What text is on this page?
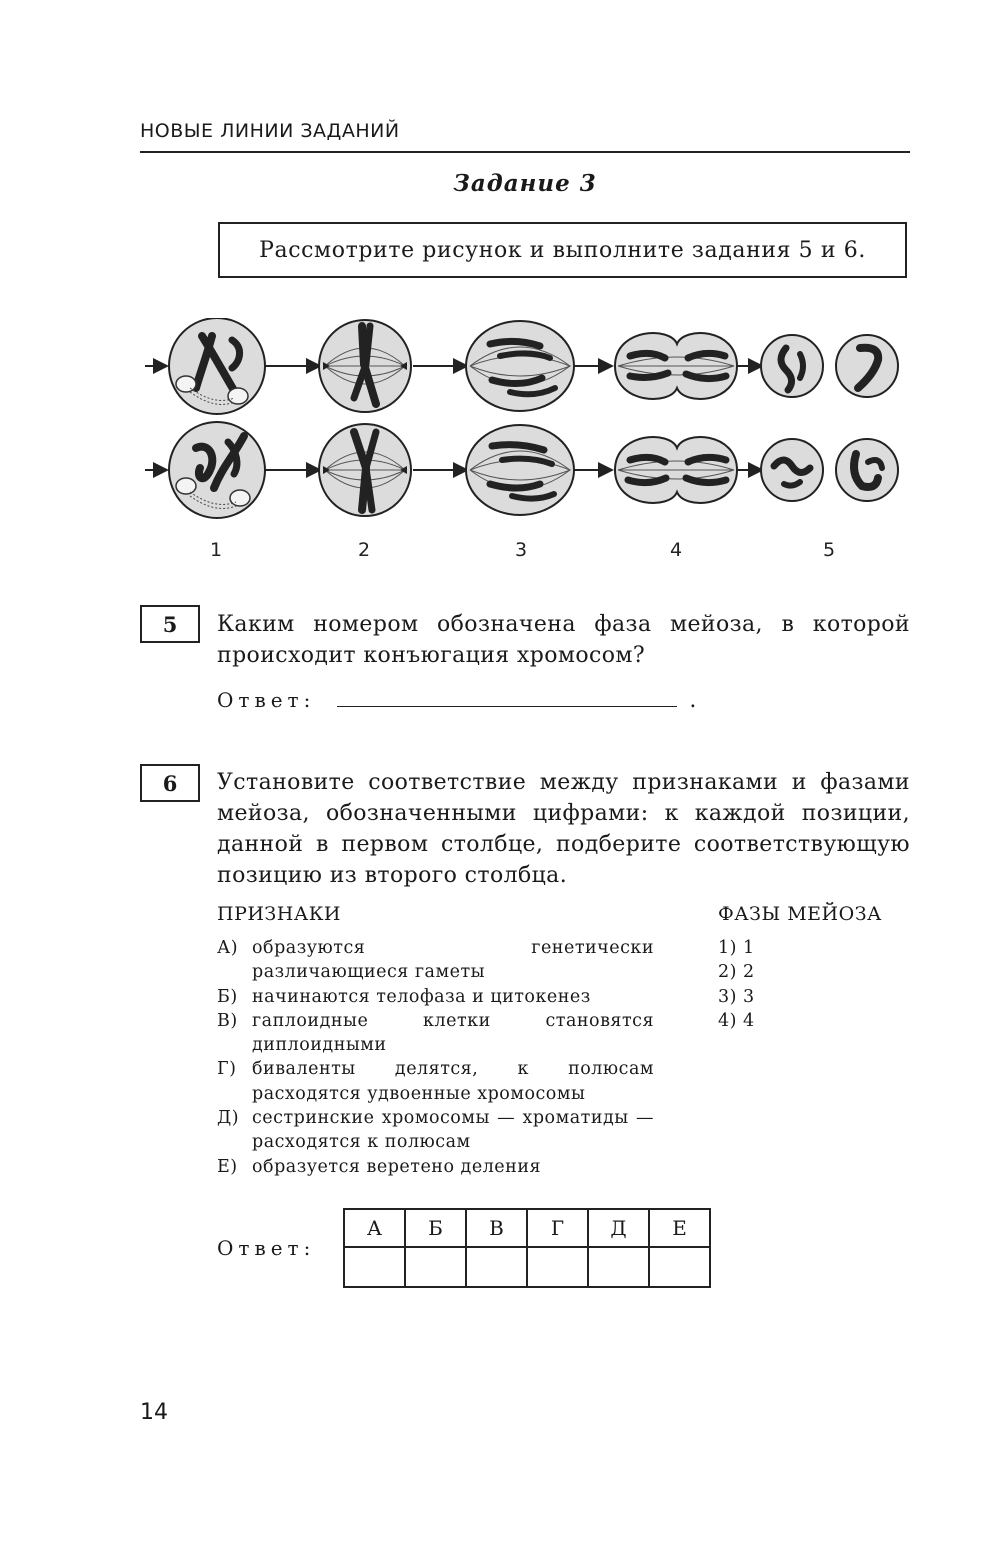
НОВЫЕ ЛИНИИ ЗАДАНИЙ
Задание 3
Рассмотрите рисунок и выполните задания 5 и 6.
1	2	3	4	5
5	Каким номером обозначена фаза мейоза, в которой происходит конъюгация хромосом?
Ответ:	.
6	Установите соответствие между признаками и фазами мейоза, обозначенными цифрами: к каждой позиции, данной в первом столбце, подберите соответствующую позицию из второго столбца.
ПРИЗНАКИ	ФАЗЫ МЕЙОЗА
А) образуются генетически различающиеся гаметы
Б) начинаются телофаза и цитокенез
В) гаплоидные клетки становятся диплоидными
Г) биваленты делятся, к полюсам расходятся удвоенные хромосомы
Д) сестринские хромосомы — хроматиды — расходятся к полюсам
Е) образуется веретено деления
1) 1
2) 2
3) 3
4) 4
Ответ:
А	Б	В	Г	Д	Е

14
